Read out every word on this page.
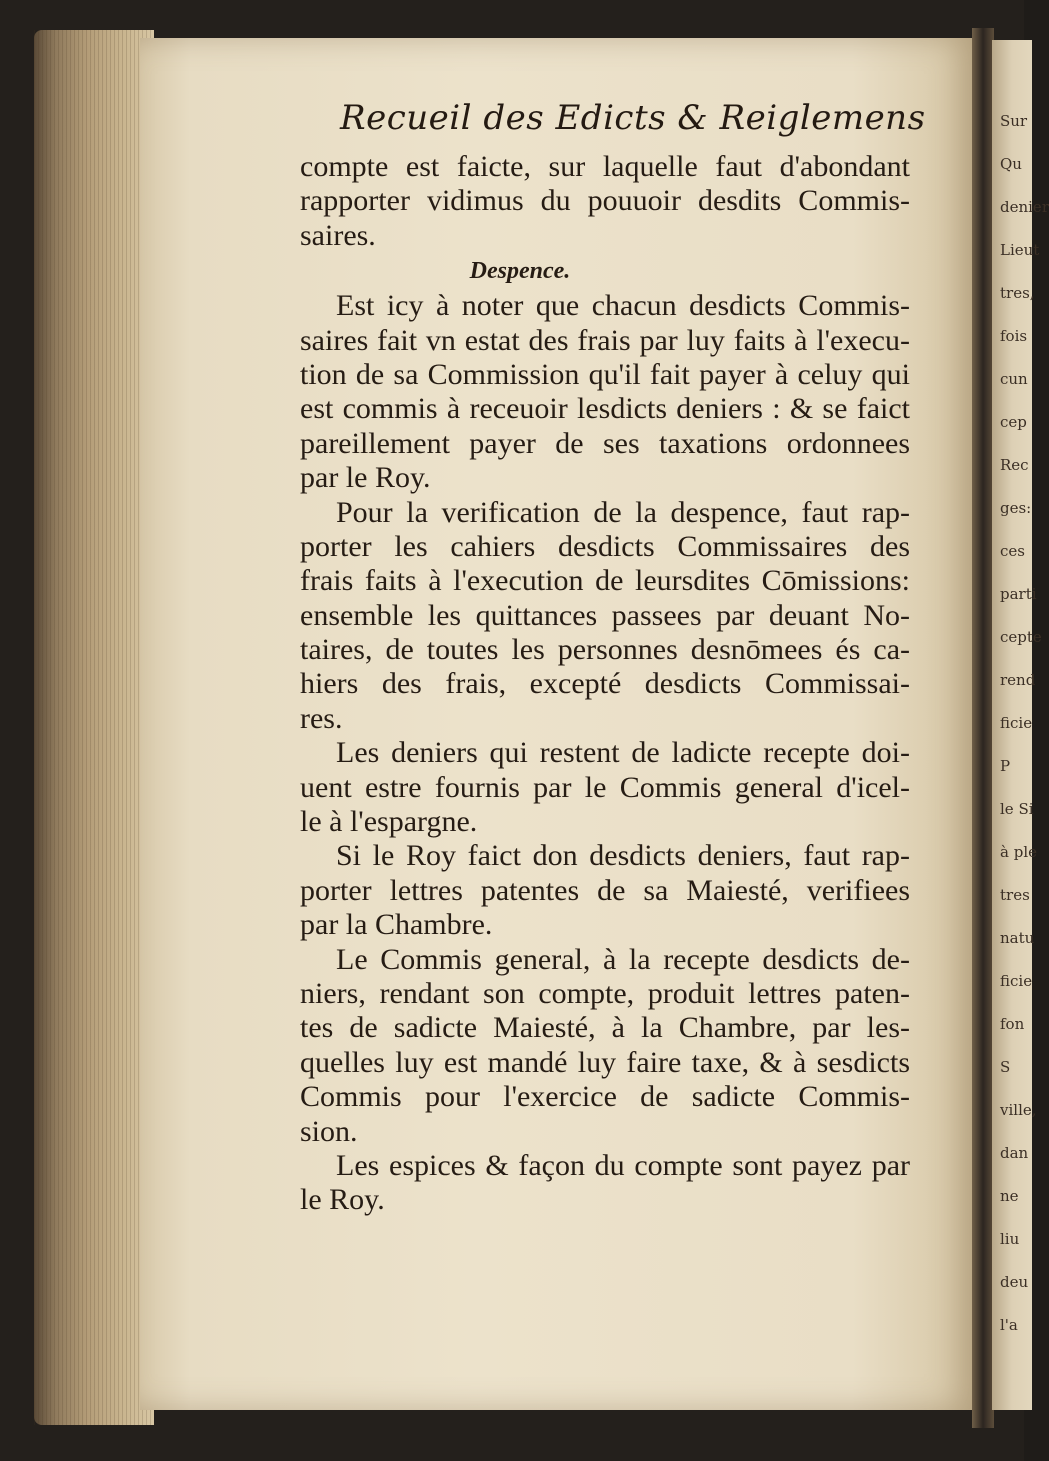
Sur
Qu
denier
Lieut
tres,
fois
cun
cep
Rec
ges:
ces
parti
cepte
rend
ficie
P
le Si
à ple
tres
natu
ficie
fon
S
ville,
dan
ne
liu
deu
l'a
Recueil des Edicts & Reiglemens
compte est faicte, sur laquelle faut d'abondant
rapporter vidimus du pouuoir desdits Commis-
saires.
Despence.
Est icy à noter que chacun desdicts Commis-
saires fait vn estat des frais par luy faits à l'execu-
tion de sa Commission qu'il fait payer à celuy qui
est commis à receuoir lesdicts deniers : & se faict
pareillement payer de ses taxations ordonnees
par le Roy.
Pour la verification de la despence, faut rap-
porter les cahiers desdicts Commissaires des
frais faits à l'execution de leursdites Cōmissions:
ensemble les quittances passees par deuant No-
taires, de toutes les personnes desnōmees és ca-
hiers des frais, excepté desdicts Commissai-
res.
Les deniers qui restent de ladicte recepte doi-
uent estre fournis par le Commis general d'icel-
le à l'espargne.
Si le Roy faict don desdicts deniers, faut rap-
porter lettres patentes de sa Maiesté, verifiees
par la Chambre.
Le Commis general, à la recepte desdicts de-
niers, rendant son compte, produit lettres paten-
tes de sadicte Maiesté, à la Chambre, par les-
quelles luy est mandé luy faire taxe, & à sesdicts
Commis pour l'exercice de sadicte Commis-
sion.
Les espices & façon du compte sont payez par
le Roy.
